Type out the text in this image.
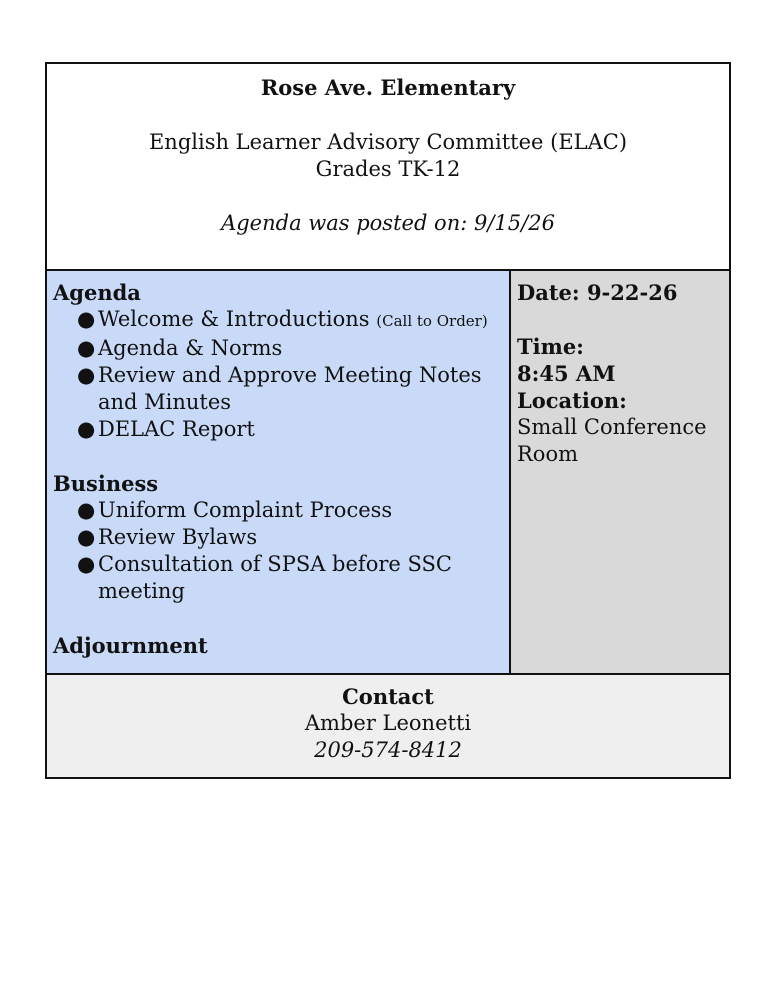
Rose Ave. Elementary
English Learner Advisory Committee (ELAC)
Grades TK-12
Agenda was posted on: 9/15/26

Agenda
● Welcome & Introductions (Call to Order)
● Agenda & Norms
● Review and Approve Meeting Notes and Minutes
● DELAC Report
Business
● Uniform Complaint Process
● Review Bylaws
● Consultation of SPSA before SSC meeting
Adjournment

Date: 9-22-26
Time:
8:45 AM
Location:
Small Conference Room

Contact
Amber Leonetti
209-574-8412
